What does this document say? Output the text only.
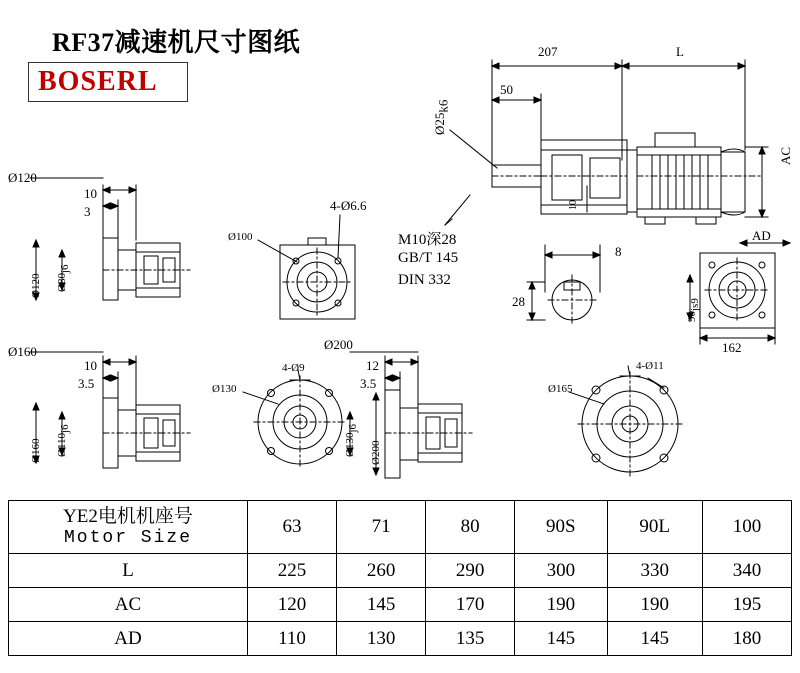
RF37减速机尺寸图纸
BOSERL
207	L
50
Ø25k6
AC
AD
8
28
10
90js9
162
M10深28
GB/T 145
DIN 332
Ø120
10
3
Ø120 Ø80j6
4-Ø6.6
Ø100
Ø160
10
3.5
Ø160 Ø110j6
4-Ø9
Ø130
Ø200
12
3.5
Ø200
Ø130j6
4-Ø11
Ø165
YE2电机机座号
Motor Size	63	71	80	90S	90L	100
L	225	260	290	300	330	340
AC	120	145	170	190	190	195
AD	110	130	135	145	145	180
